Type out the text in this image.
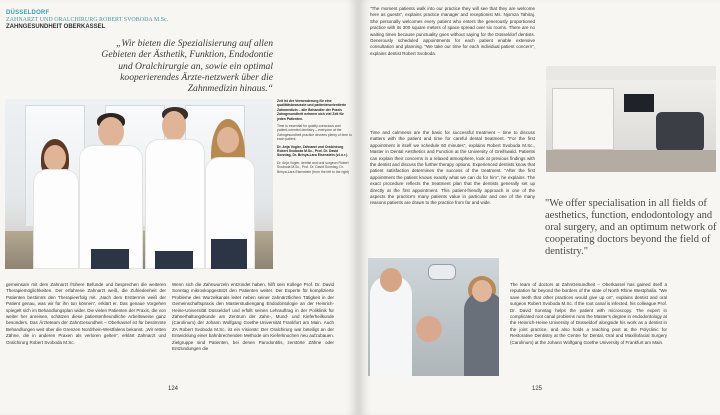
DÜSSELDORF
ZAHNARZT UND ORALCHIRURG ROBERT SVOBODA M.Sc.
ZAHNGESUNDHEIT OBERKASSEL

„Wir bieten die Spezialisierung auf allen Gebieten der Ästhetik, Funktion, Endodontie und Oralchirurgie an, sowie ein optimal kooperierendes Ärzte-netzwerk über die Zahnmedizin hinaus.“

Zeit ist der Verwenderung für eine qualitätsbewusste und patientenorientierte Zahnmedizin – alle Behandler der Praxis Zahngesundheit nehmen sich viel Zeit für jeden Patienten.

Time is essential for quality-conscious and patient-oriented dentistry – everyone at the Zahngesundheit practice devotes plenty of time to each patient.

Dr. Anja Vogler, Zahnarzt und Oralchirurg Robert Svoboda M.Sc., Prof. Dr. David Sonntag, Dr. Brinya-Lara Eisenstein (v.l.n.r.)

Dr. Anja Vogler, dentist and oral surgeon Robert Svoboda M.Sc., Prof. Dr. David Sonntag, Dr. Brinya-Lara Eisenstein (from the left to the right)

gemeinsam mit dem Zahnarzt frühere Befunde und besprechen die weiteren Therapiemöglichkeiten. Der erfahrene Zahnarzt weiß, die Zufriedenheit der Patienten bestimmt den Therapieerfolg mit. „Nach dem Ersttermin weiß der Patient genau, was wir für ihn tun können“, erklärt er. Das genaue Vorgehen spiegelt sich im Behandlungsplan wider. Die vielen Patienten der Praxis, die von weiter her anreisen, schätzen diese patientenfreundliche Arbeitsweise ganz besonders. Das Ärzteteam der ZahnGesundheit – Oberkassel ist für bestimmte Behandlungen weit über die Grenzen Nordrhein-Westfalens bekannt. „Wir retten Zähne, die in anderen Praxen als verloren gelten“, erklärt Zahnarzt und Oralchirurg Robert Svoboda M.Sc.

Wenn sich die Zahnwurzeln entzündet haben, hilft sein Kollege Prof. Dr. David Sonntag mikroskopgestützt den Patienten weiter. Der Experte für komplizierte Probleme des Wurzelkanals leitet neben seiner zahnärztlichen Tätigkeit in der Gemeinschaftspraxis den Masterstudiengang Endodontologie an der Heinrich-Heine-Universität Düsseldorf und erfüllt seinen Lehrauftrag in der Poliklinik für Zahnerhaltungskunde am Zentrum der Zahn-, Mund- und Kieferheilkunde (Carolinum) der Johann Wolfgang Goethe-Universität Frankfurt am Main. Auch ZA Robert Svoboda M.Sc. ist ein Visionär: Der Oralchirurg war beteiligt an der Entwicklung einer bahnbrechenden Methode um Kieferknochen neu aufzubauen. Zielgruppe sind Patienten, bei denen Parodontitis, zerstörte Zähne oder Entzündungen die

124

"The moment patients walk into our practice they will see that they are welcome here as guests", explains practice manager and receptionist Ms. Njomza Tahiraj. She personally welcomes every patient who enters the generously proportioned practice with its 300 square meters of space spread over six rooms. There are no waiting times because punctuality goes without saying for the Düsseldorf dentists. Generously scheduled appointments for each patient enable extensive consultation and planning. "We take our time for each individual patient concern", explains dentist Robert Svoboda.

Time and calmness are the basic for successful treatment – time to discuss matters with the patient and time for careful dental treatment. "For the first appointment in itself we schedule 60 minutes", explains Robert Svoboda M.Sc., Master in Dental Aesthetics and Function at the University of Greifswald. Patients can explain their concerns in a relaxed atmosphere, look at previous findings with the dentist and discuss the further therapy options. Experienced dentists know that patient satisfaction determines the success of the treatment. "After the first appointment the patient knows exactly what we can do for him", he explains. The exact procedure reflects the treatment plan that the dentists generally set up directly at the first appointment. This patient-friendly approach is one of the aspects the practice's many patients value in particular and one of the many reasons patients are drawn to the practice from far and wide.	"We offer specialisation in all fields of aesthetics, function, endodontology and oral surgery, and an optimum network of cooperating doctors beyond the field of dentistry."

The team of doctors at ZahnGesundheit – Oberkassel has gained itself a reputation far beyond the borders of the state of North Rhine Westphalia. "We save teeth that other practices would give up on", explains dentist and oral surgeon Robert Svoboda M.Sc. If the root canal is infected, his colleague Prof. Dr. David Sonntag helps the patient with microscopy. The expert in complicated root canal problems runs the Master's degree in endodontology at the Heinrich-Heine University of Düsseldorf alongside his work as a dentist in the joint practice, and also holds a teaching post at the Polyclinic for Restorative Dentistry at the Centre for Dental, Oral and Maxillofacial Surgery (Carolinum) at the Johann Wolfgang Goethe University of Frankfurt am Main.

125
